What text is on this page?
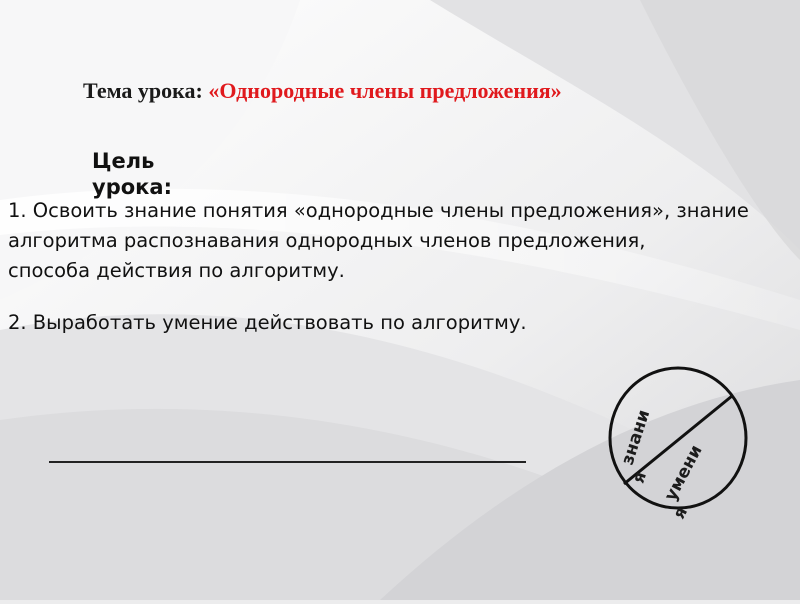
Тема урока: «Однородные члены предложения»
Цель урока:
1. Освоить знание понятия «однородные члены предложения», знание алгоритма распознавания однородных членов предложения,
способа действия по алгоритму.
2. Выработать умение действовать по алгоритму.
знани
я умени
я
